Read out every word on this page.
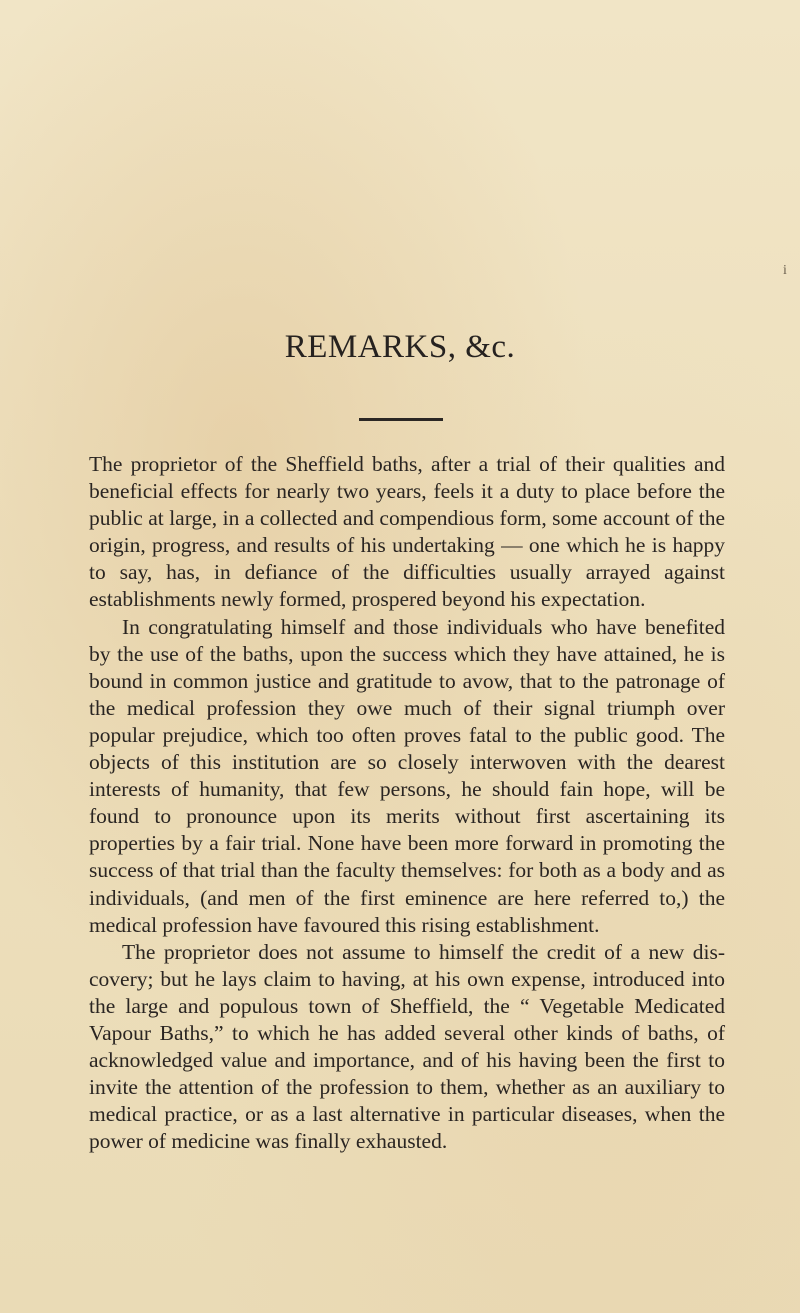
i
REMARKS, &c.

The proprietor of the Sheffield baths, after a trial of their qualities and beneficial effects for nearly two years, feels it a duty to place before the public at large, in a collected and compendious form, some account of the origin, progress, and results of his undertaking — one which he is happy to say, has, in defiance of the difficulties usually arrayed against establishments newly formed, prospered beyond his expectation.

In congratulating himself and those individuals who have benefited by the use of the baths, upon the success which they have attained, he is bound in common justice and gratitude to avow, that to the patronage of the medical profession they owe much of their signal triumph over popular prejudice, which too often proves fatal to the public good. The objects of this institution are so closely interwoven with the dearest interests of humanity, that few persons, he should fain hope, will be found to pronounce upon its merits without first ascertaining its properties by a fair trial. None have been more forward in promoting the success of that trial than the faculty themselves: for both as a body and as individuals, (and men of the first eminence are here referred to,) the medical profession have favoured this rising establishment.

The proprietor does not assume to himself the credit of a new discovery; but he lays claim to having, at his own expense, introduced into the large and populous town of Sheffield, the “ Vegetable Medicated Vapour Baths,” to which he has added several other kinds of baths, of acknowledged value and importance, and of his having been the first to invite the attention of the profession to them, whether as an auxiliary to medical practice, or as a last alternative in particular diseases, when the power of medicine was finally exhausted.
